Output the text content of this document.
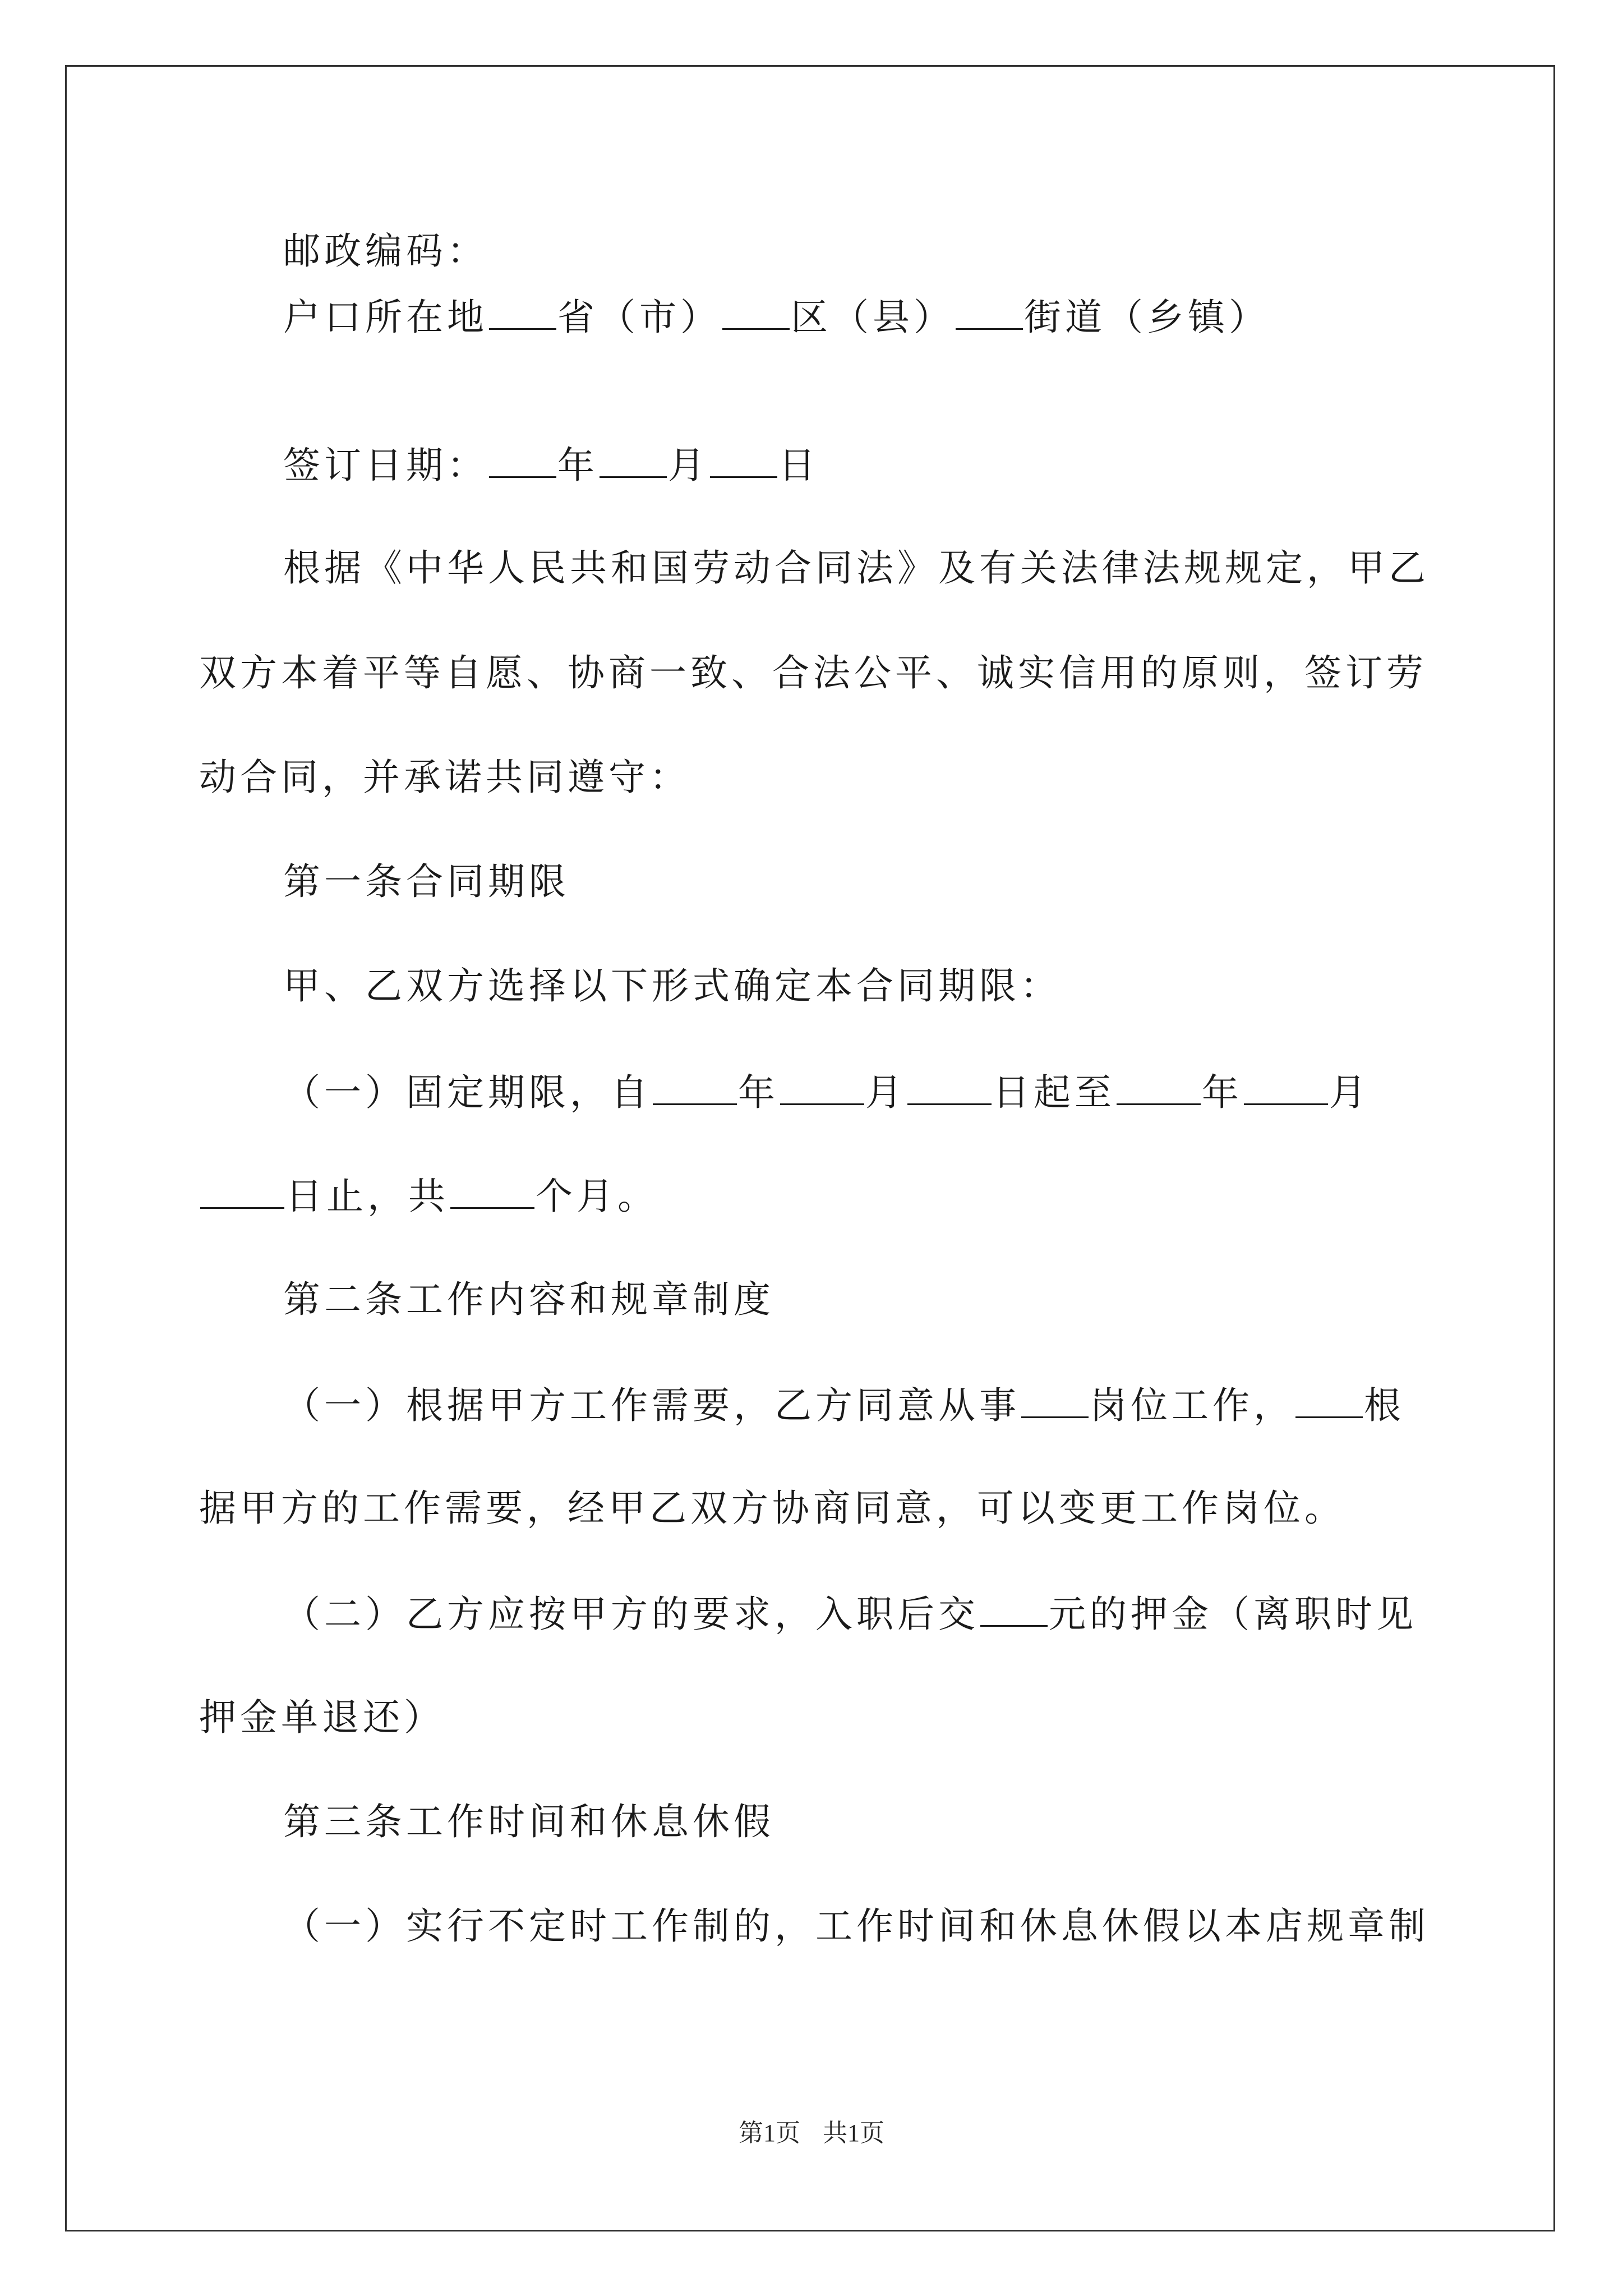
邮政编码：
户口所在地 省（市） 区（县） 街道（乡镇）
签订日期： 年 月 日
根据《中华人民共和国劳动合同法》及有关法律法规规定，甲乙
双方本着平等自愿、协商一致、合法公平、诚实信用的原则，签订劳
动合同，并承诺共同遵守：
第一条合同期限
甲、乙双方选择以下形式确定本合同期限：
（一）固定期限，自 年 月 日起至 年 月
日止，共 个月。
第二条工作内容和规章制度
（一）根据甲方工作需要，乙方同意从事 岗位工作， 根
据甲方的工作需要，经甲乙双方协商同意，可以变更工作岗位。
（二）乙方应按甲方的要求，入职后交 元的押金（离职时见
押金单退还）
第三条工作时间和休息休假
（一）实行不定时工作制的，工作时间和休息休假以本店规章制
第1页 共1页
